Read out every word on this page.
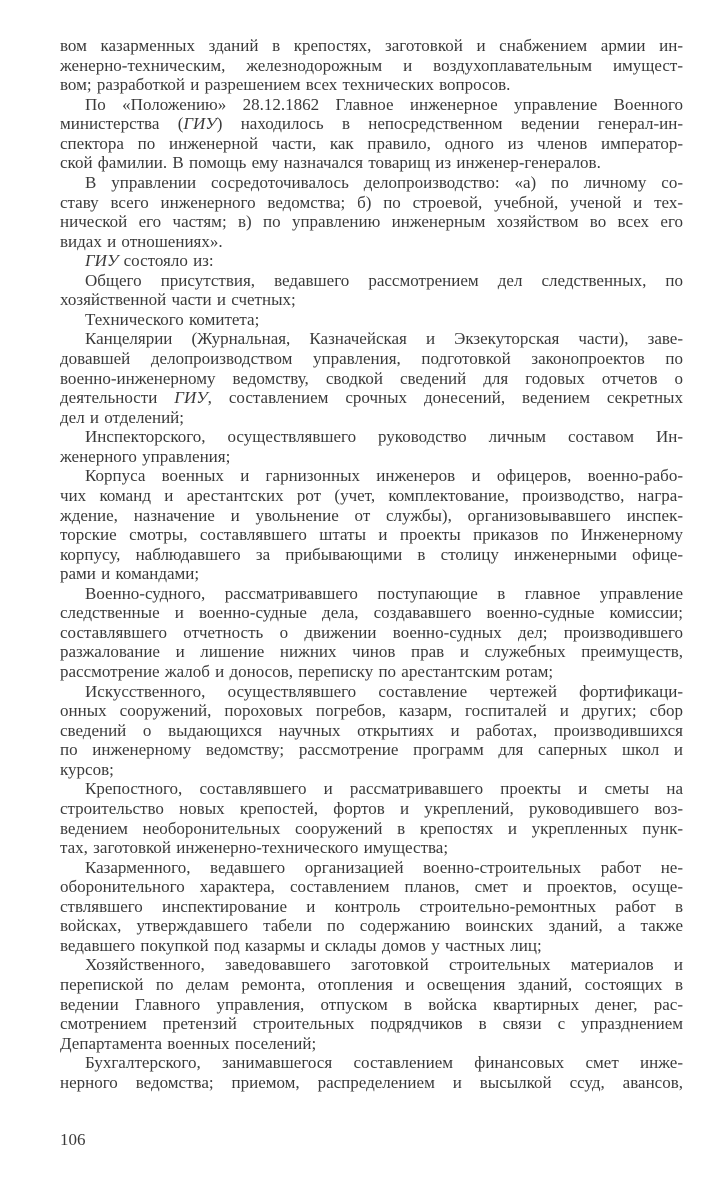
вом казарменных зданий в крепостях, заготовкой и снабжением армии ин-
женерно-техническим, железнодорожным и воздухоплавательным имущест-
вом; разработкой и разрешением всех технических вопросов.
По «Положению» 28.12.1862 Главное инженерное управление Военного
министерства (ГИУ) находилось в непосредственном ведении генерал-ин-
спектора по инженерной части, как правило, одного из членов император-
ской фамилии. В помощь ему назначался товарищ из инженер-генералов.
В управлении сосредоточивалось делопроизводство: «а) по личному со-
ставу всего инженерного ведомства; б) по строевой, учебной, ученой и тех-
нической его частям; в) по управлению инженерным хозяйством во всех его
видах и отношениях».
ГИУ состояло из:
Общего присутствия, ведавшего рассмотрением дел следственных, по
хозяйственной части и счетных;
Технического комитета;
Канцелярии (Журнальная, Казначейская и Экзекуторская части), заве-
довавшей делопроизводством управления, подготовкой законопроектов по
военно-инженерному ведомству, сводкой сведений для годовых отчетов о
деятельности ГИУ, составлением срочных донесений, ведением секретных
дел и отделений;
Инспекторского, осуществлявшего руководство личным составом Ин-
женерного управления;
Корпуса военных и гарнизонных инженеров и офицеров, военно-рабо-
чих команд и арестантских рот (учет, комплектование, производство, награ-
ждение, назначение и увольнение от службы), организовывавшего инспек-
торские смотры, составлявшего штаты и проекты приказов по Инженерному
корпусу, наблюдавшего за прибывающими в столицу инженерными офице-
рами и командами;
Военно-судного, рассматривавшего поступающие в главное управление
следственные и военно-судные дела, создававшего военно-судные комиссии;
составлявшего отчетность о движении военно-судных дел; производившего
разжалование и лишение нижних чинов прав и служебных преимуществ,
рассмотрение жалоб и доносов, переписку по арестантским ротам;
Искусственного, осуществлявшего составление чертежей фортификаци-
онных сооружений, пороховых погребов, казарм, госпиталей и других; сбор
сведений о выдающихся научных открытиях и работах, производившихся
по инженерному ведомству; рассмотрение программ для саперных школ и
курсов;
Крепостного, составлявшего и рассматривавшего проекты и сметы на
строительство новых крепостей, фортов и укреплений, руководившего воз-
ведением необоронительных сооружений в крепостях и укрепленных пунк-
тах, заготовкой инженерно-технического имущества;
Казарменного, ведавшего организацией военно-строительных работ не-
оборонительного характера, составлением планов, смет и проектов, осуще-
ствлявшего инспектирование и контроль строительно-ремонтных работ в
войсках, утверждавшего табели по содержанию воинских зданий, а также
ведавшего покупкой под казармы и склады домов у частных лиц;
Хозяйственного, заведовавшего заготовкой строительных материалов и
перепиской по делам ремонта, отопления и освещения зданий, состоящих в
ведении Главного управления, отпуском в войска квартирных денег, рас-
смотрением претензий строительных подрядчиков в связи с упразднением
Департамента военных поселений;
Бухгалтерского, занимавшегося составлением финансовых смет инже-
нерного ведомства; приемом, распределением и высылкой ссуд, авансов,
106
